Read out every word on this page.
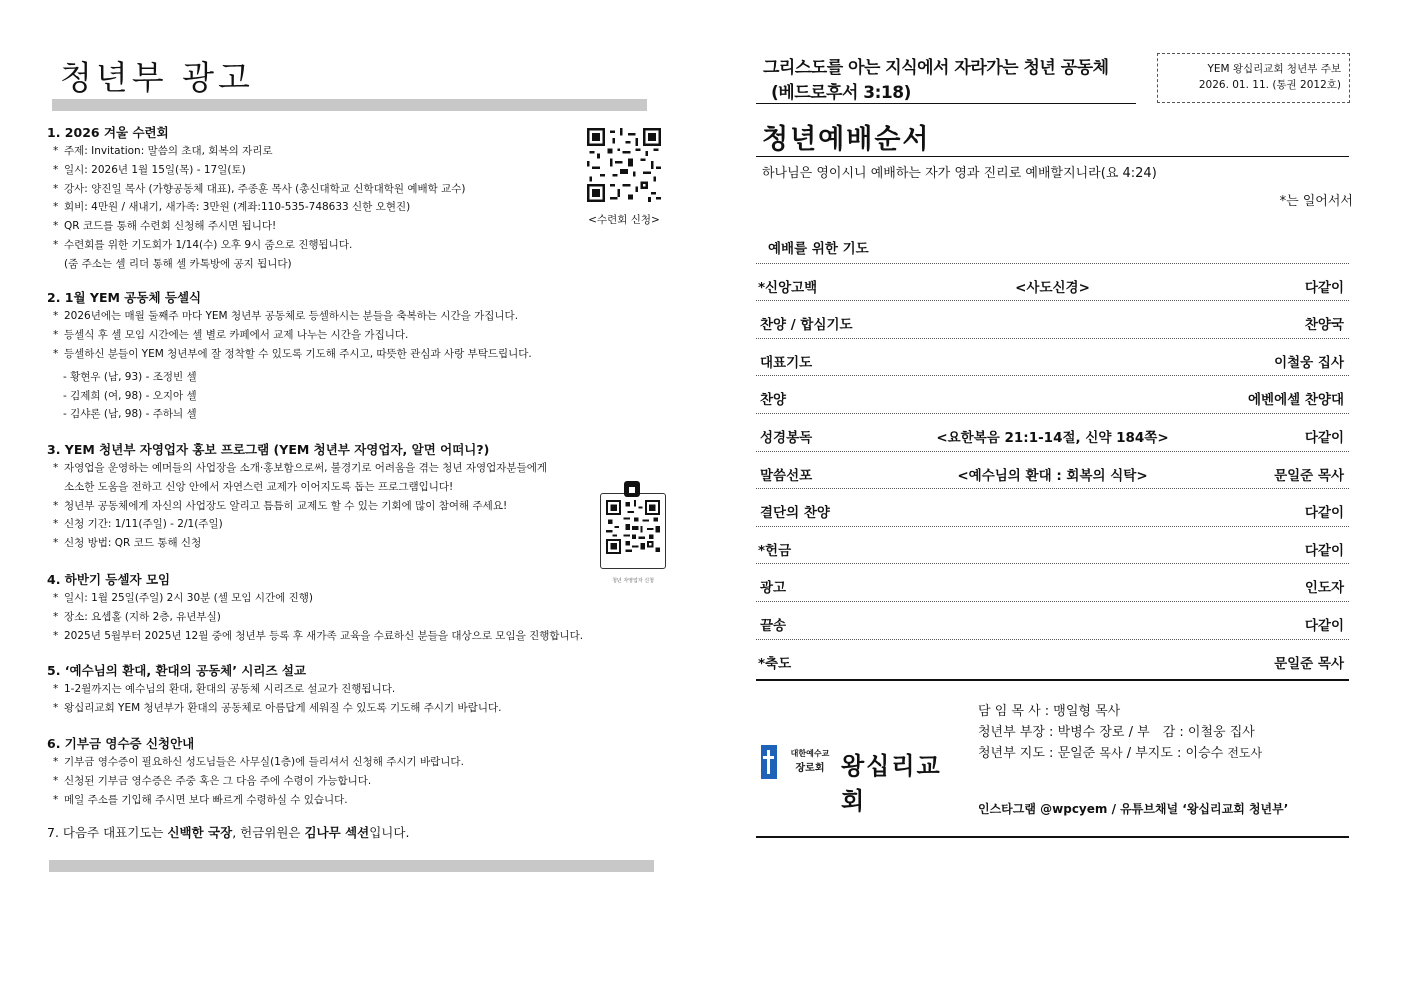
청년부 광고
1. 2026 겨울 수련회
* 주제: Invitation: 말씀의 초대, 회복의 자리로
* 일시: 2026년 1월 15일(목) - 17일(토)
* 강사: 양진일 목사 (가향공동체 대표), 주종훈 목사 (총신대학교 신학대학원 예배학 교수)
* 회비: 4만원 / 새내기, 새가족: 3만원 (계좌:110-535-748633 신한 오현진)
* QR 코드를 통해 수련회 신청해 주시면 됩니다!
* 수련회를 위한 기도회가 1/14(수) 오후 9시 줌으로 진행됩니다.
(줌 주소는 셀 리더 통해 셀 카톡방에 공지 됩니다)
<수련회 신청>
2. 1월 YEM 공동체 등셀식
* 2026년에는 매월 둘째주 마다 YEM 청년부 공동체로 등셀하시는 분들을 축복하는 시간을 가집니다.
* 등셀식 후 셀 모임 시간에는 셀 별로 카페에서 교제 나누는 시간을 가집니다.
* 등셀하신 분들이 YEM 청년부에 잘 정착할 수 있도록 기도해 주시고, 따뜻한 관심과 사랑 부탁드립니다.
- 황현우 (남, 93) - 조정빈 셀
- 김제희 (여, 98) - 오지아 셀
- 김샤론 (남, 98) - 주하늬 셀
3. YEM 청년부 자영업자 홍보 프로그램 (YEM 청년부 자영업자, 알면 어떠니?)
* 자영업을 운영하는 예머들의 사업장을 소개·홍보함으로써, 불경기로 어려움을 겪는 청년 자영업자분들에게
소소한 도움을 전하고 신앙 안에서 자연스런 교제가 이어지도록 돕는 프로그램입니다!
* 청년부 공동체에게 자신의 사업장도 알리고 틈틈히 교제도 할 수 있는 기회에 많이 참여해 주세요!
* 신청 기간: 1/11(주일) - 2/1(주일)
* 신청 방법: QR 코드 통해 신청
청년 자영업자 신청
4. 하반기 등셀자 모임
* 일시: 1월 25일(주일) 2시 30분 (셀 모임 시간에 진행)
* 장소: 요셉홀 (지하 2층, 유년부실)
* 2025년 5월부터 2025년 12월 중에 청년부 등록 후 새가족 교육을 수료하신 분들을 대상으로 모임을 진행합니다.
5. ‘예수님의 환대, 환대의 공동체’ 시리즈 설교
* 1-2월까지는 예수님의 환대, 환대의 공동체 시리즈로 설교가 진행됩니다.
* 왕십리교회 YEM 청년부가 환대의 공동체로 아름답게 세워질 수 있도록 기도해 주시기 바랍니다.
6. 기부금 영수증 신청안내
* 기부금 영수증이 필요하신 성도님들은 사무실(1층)에 들리셔서 신청해 주시기 바랍니다.
* 신청된 기부금 영수증은 주중 혹은 그 다음 주에 수령이 가능합니다.
* 메일 주소를 기입해 주시면 보다 빠르게 수령하실 수 있습니다.
7. 다음주 대표기도는 신백한 국장, 헌금위원은 김나무 섹션입니다.
그리스도를 아는 지식에서 자라가는 청년 공동체
(베드로후서 3:18)
YEM 왕십리교회 청년부 주보
2026. 01. 11. (통권 2012호)
청년예배순서
하나님은 영이시니 예배하는 자가 영과 진리로 예배할지니라(요 4:24)
*는 일어서서
예배를 위한 기도
*신앙고백	<사도신경>	다같이
찬양 / 합심기도	찬양국
대표기도	이철웅 집사
찬양	에벤에셀 찬양대
성경봉독	<요한복음 21:1-14절, 신약 184쪽>	다같이
말씀선포	<예수님의 환대 : 회복의 식탁>	문일준 목사
결단의 찬양	다같이
*헌금	다같이
광고	인도자
끝송	다같이
*축도	문일준 목사
대한예수교
장로회 왕십리교회
담 임 목 사 : 맹일형 목사
청년부 부장 : 박병수 장로 / 부　감 : 이철웅 집사
청년부 지도 : 문일준 목사 / 부지도 : 이승수 전도사
인스타그램 @wpcyem / 유튜브채널 ‘왕십리교회 청년부’
